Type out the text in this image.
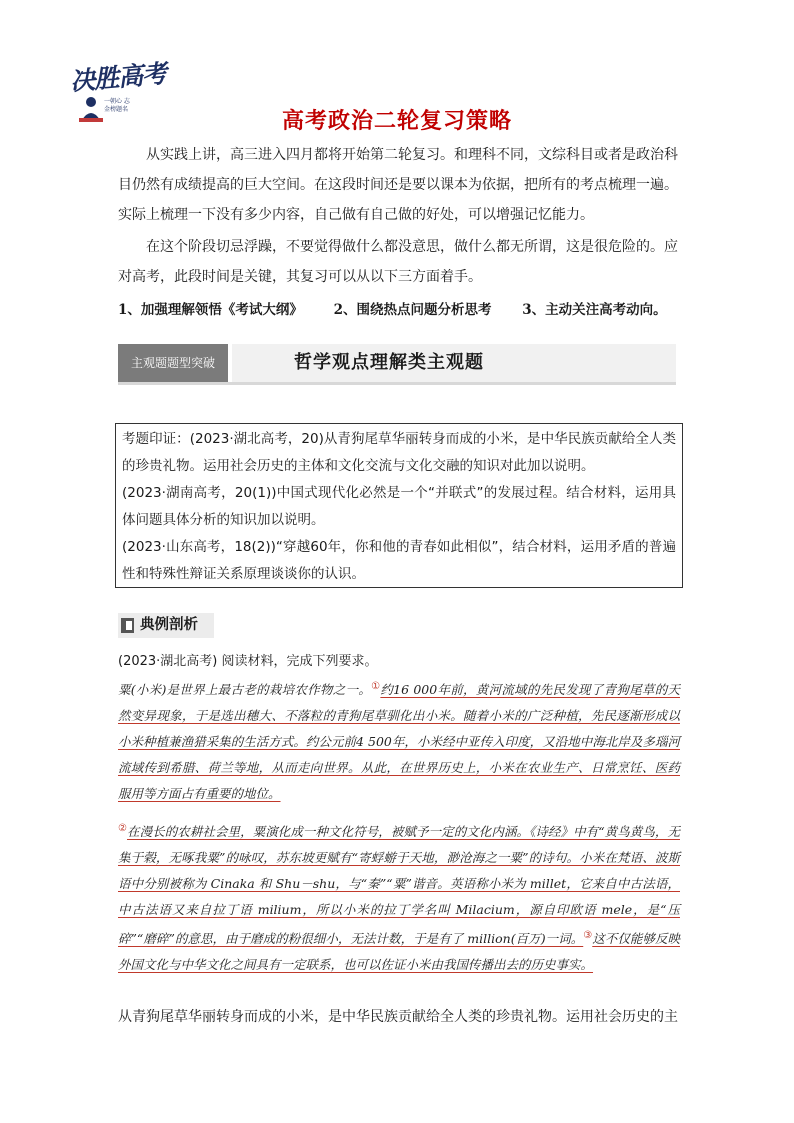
决胜高考
一朝心 志
金榜题名	高考政治二轮复习策略

从实践上讲，高三进入四月都将开始第二轮复习。和理科不同，文综科目或者是政治科目仍然有成绩提高的巨大空间。在这段时间还是要以课本为依据，把所有的考点梳理一遍。实际上梳理一下没有多少内容，自己做有自己做的好处，可以增强记忆能力。

在这个阶段切忌浮躁，不要觉得做什么都没意思，做什么都无所谓，这是很危险的。应对高考，此段时间是关键，其复习可以从以下三方面着手。

1、加强理解领悟《考试大纲》 2、围绕热点问题分析思考 3、主动关注高考动向。
主观题题型突破	哲学观点理解类主观题

考题印证：(2023·湖北高考，20)从青狗尾草华丽转身而成的小米，是中华民族贡献给全人类的珍贵礼物。运用社会历史的主体和文化交流与文化交融的知识对此加以说明。

(2023·湖南高考，20(1))中国式现代化必然是一个“并联式”的发展过程。结合材料，运用具体问题具体分析的知识加以说明。

(2023·山东高考，18(2))“穿越60年，你和他的青春如此相似”，结合材料，运用矛盾的普遍性和特殊性辩证关系原理谈谈你的认识。

典例剖析
(2023·湖北高考) 阅读材料，完成下列要求。

粟(小米)是世界上最古老的栽培农作物之一。①约16 000年前，黄河流域的先民发现了青狗尾草的天然变异现象，于是选出穗大、不落粒的青狗尾草驯化出小米。随着小米的广泛种植，先民逐渐形成以小米种植兼渔猎采集的生活方式。约公元前4 500年，小米经中亚传入印度，又沿地中海北岸及多瑙河流域传到希腊、荷兰等地，从而走向世界。从此，在世界历史上，小米在农业生产、日常烹饪、医药服用等方面占有重要的地位。

②在漫长的农耕社会里，粟演化成一种文化符号，被赋予一定的文化内涵。《诗经》中有“黄鸟黄鸟，无集于榖，无啄我粟”的咏叹，苏东坡更赋有“寄蜉蝣于天地，渺沧海之一粟”的诗句。小米在梵语、波斯语中分别被称为 Cinaka 和 Shu－shu，与“秦”“粟”谐音。英语称小米为 millet，它来自中古法语，中古法语又来自拉丁语 milium，所以小米的拉丁学名叫 Milacium，源自印欧语 mele，是“压碎”“磨碎”的意思，由于磨成的粉很细小，无法计数，于是有了 million(百万)一词。③这不仅能够反映外国文化与中华文化之间具有一定联系，也可以佐证小米由我国传播出去的历史事实。

从青狗尾草华丽转身而成的小米，是中华民族贡献给全人类的珍贵礼物。运用社会历史的主
